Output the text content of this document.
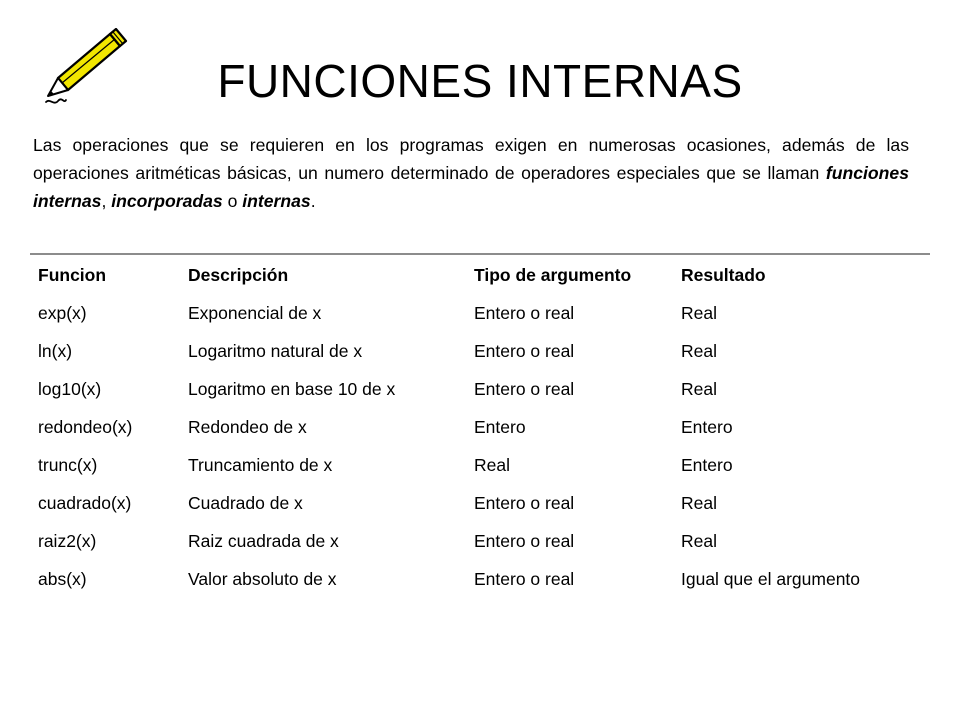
FUNCIONES INTERNAS

Las operaciones que se requieren en los programas exigen en numerosas ocasiones, además de las operaciones aritméticas básicas, un numero determinado de operadores especiales que se llaman funciones internas, incorporadas o internas.

Funcion	Descripción	Tipo de argumento	Resultado
exp(x)	Exponencial de x	Entero o real	Real
ln(x)	Logaritmo natural de x	Entero o real	Real
log10(x)	Logaritmo en base 10 de x	Entero o real	Real
redondeo(x)	Redondeo de x	Entero	Entero
trunc(x)	Truncamiento de x	Real	Entero
cuadrado(x)	Cuadrado de x	Entero o real	Real
raiz2(x)	Raiz cuadrada de x	Entero o real	Real
abs(x)	Valor absoluto de x	Entero o real	Igual que el argumento
